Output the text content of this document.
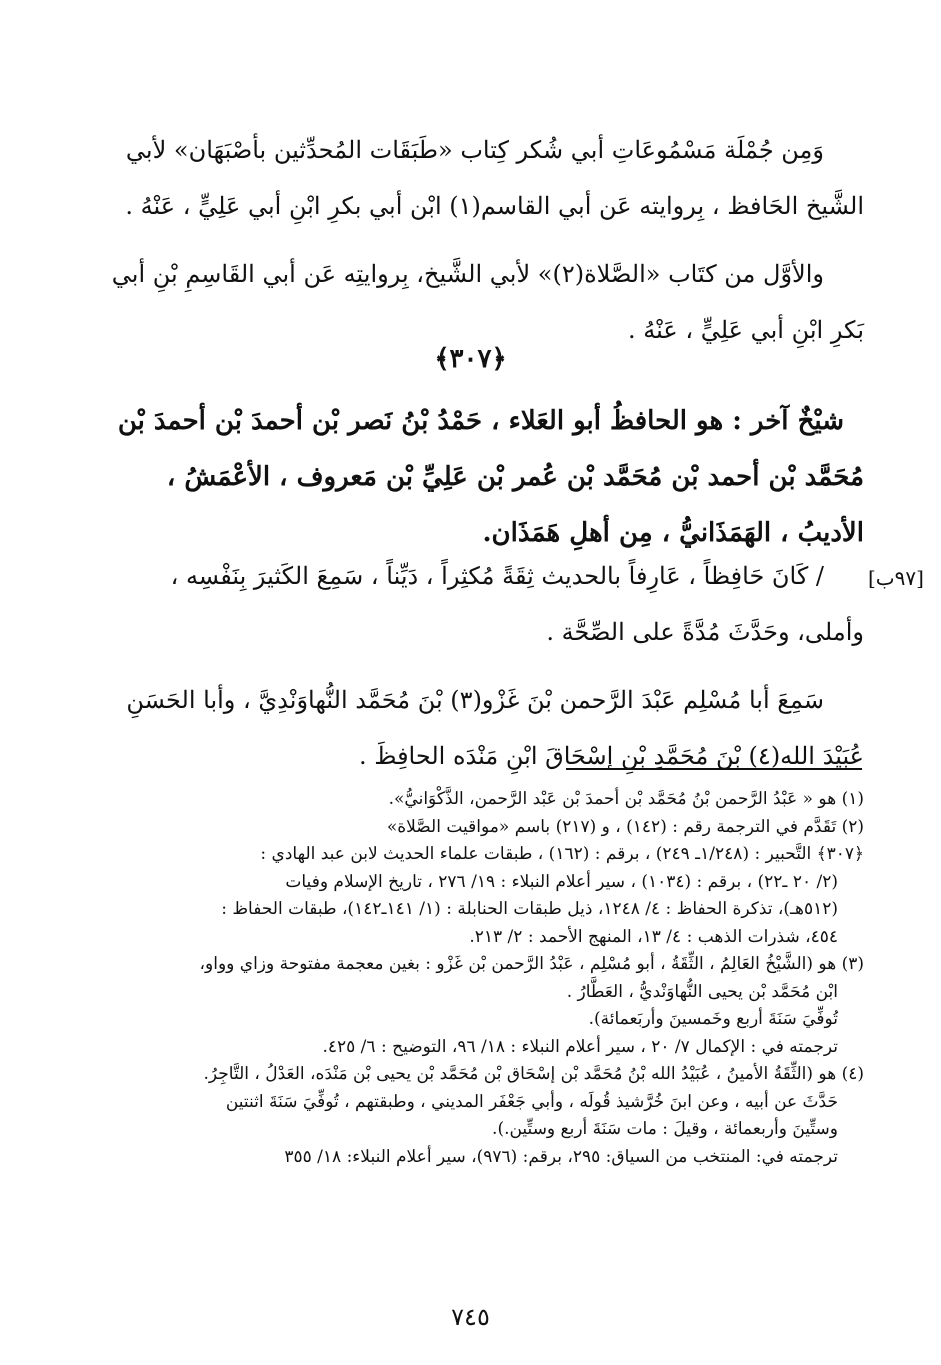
وَمِن جُمْلَة مَسْمُوعَاتِ أبي شُكر كِتاب «طَبَقَات المُحدِّثين بأصْبَهَان» لأبي الشَّيخ الحَافظ ، بِروايته عَن أبي القاسم(١) ابْن أبي بكرِ ابْنِ أبي عَلِيٍّ ، عَنْهُ .

والأوَّل من كتَاب «الصَّلاة(٢)» لأبي الشَّيخ، بِروايتِه عَن أبي القَاسِمِ بْنِ أبي بَكرِ ابْنِ أبي عَلِيٍّ ، عَنْهُ .

﴿٣٠٧﴾

شيْخٌ آخر : هو الحافظُ أبو العَلاء ، حَمْدُ بْنُ نَصر بْن أحمدَ بْن أحمدَ بْن مُحَمَّد بْن أحمد بْن مُحَمَّد بْن عُمر بْن عَلِيِّ بْن مَعروف ، الأعْمَشُ ، الأديبُ ، الهَمَذَانيُّ ، مِن أهلِ هَمَذَان.

[٩٧ب]

/ كَانَ حَافِظاً ، عَارِفاً بالحديث ثِقَةً مُكثِراً ، دَيِّناً ، سَمِعَ الكَثيرَ بِنَفْسِه ، وأملى، وحَدَّثَ مُدَّةً على الصِّحَّة .

سَمِعَ أبا مُسْلِم عَبْدَ الرَّحمن بْنَ غَزْو(٣) بْنَ مُحَمَّد النُّهاوَنْدِيَّ ، وأبا الحَسَنِ عُبَيْدَ الله(٤) بْنَ مُحَمَّدِ بْنِ إسْحَاقَ ابْنِ مَنْدَه الحافِظَ .

(١) هو « عَبْدُ الرَّحمن بْنُ مُحَمَّد بْن أحمدَ بْن عَبْد الرَّحمن، الذَّكْوَانيُّ».

(٢) تَقَدَّم في الترجمة رقم : (١٤٢) ، و (٢١٧) باسم «مواقيت الصَّلاة»

﴿٣٠٧﴾ التَّحبير : (١/٢٤٨ـ ٢٤٩) ، برقم : (١٦٢) ، طبقات علماء الحديث لابن عبد الهادي :

(٢/ ٢٠ ـ٢٢) ، برقم : (١٠٣٤) ، سير أعلام النبلاء : ١٩/ ٢٧٦ ، تاريخ الإسلام وفيات

(٥١٢هـ)، تذكرة الحفاظ : ٤/ ١٢٤٨، ذيل طبقات الحنابلة : (١/ ١٤١ـ١٤٢)، طبقات الحفاظ :

٤٥٤، شذرات الذهب : ٤/ ١٣، المنهج الأحمد : ٢/ ٢١٣.

(٣) هو (الشَّيْخُ العَالِمُ ، الثِّقَةُ ، أبو مُسْلِم ، عَبْدُ الرَّحمن بْن غَزْو : بغين معجمة مفتوحة وزاي وواو،

ابْن مُحَمَّد بْن يحيى النُّهاوَنْديُّ ، العَطَّارُ .

تُوفِّيَ سَنَةَ أربع وخَمسينَ وأربَعمائة).

ترجمته في : الإكمال ٧/ ٢٠ ، سير أعلام النبلاء : ١٨/ ٩٦، التوضيح : ٦/ ٤٢٥.

(٤) هو (الثِّقَةُ الأمينُ ، عُبَيْدُ الله بْنُ مُحَمَّد بْن إسْحَاق بْن مُحَمَّد بْن يحيى بْن مَنْدَه، العَدْلُ ، التَّاجِرُ.

حَدَّثَ عن أبيه ، وعن ابنَ خُرَّشيذ قُولَه ، وأبي جَعْفَر المديني ، وطبقتهم ، تُوفِّيَ سَنَةَ اثنتين

وستِّينَ وأربعمائة ، وقيلَ : مات سَنَةَ أربع وستِّين.).

ترجمته في: المنتخب من السياق: ٢٩٥، برقم: (٩٧٦)، سير أعلام النبلاء: ١٨/ ٣٥٥

٧٤٥
